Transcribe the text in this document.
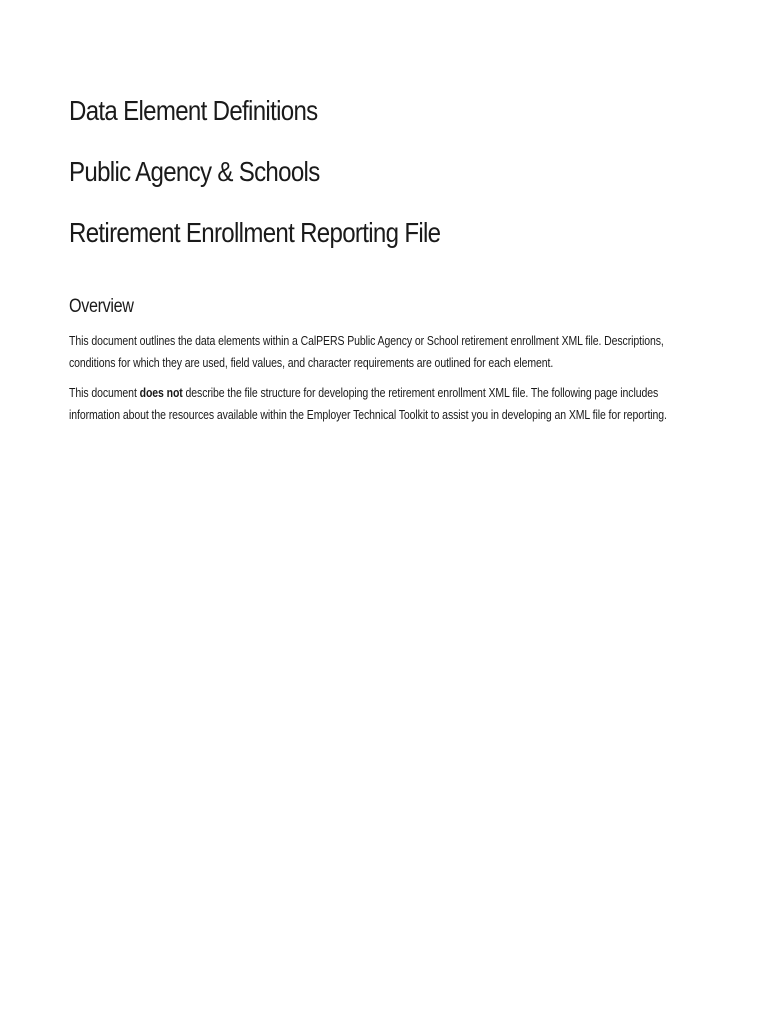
Data Element Definitions
Public Agency & Schools
Retirement Enrollment Reporting File
Overview

This document outlines the data elements within a CalPERS Public Agency or School retirement enrollment XML file. Descriptions, conditions for which they are used, field values, and character requirements are outlined for each element.

This document does not describe the file structure for developing the retirement enrollment XML file. The following page includes information about the resources available within the Employer Technical Toolkit to assist you in developing an XML file for reporting.
